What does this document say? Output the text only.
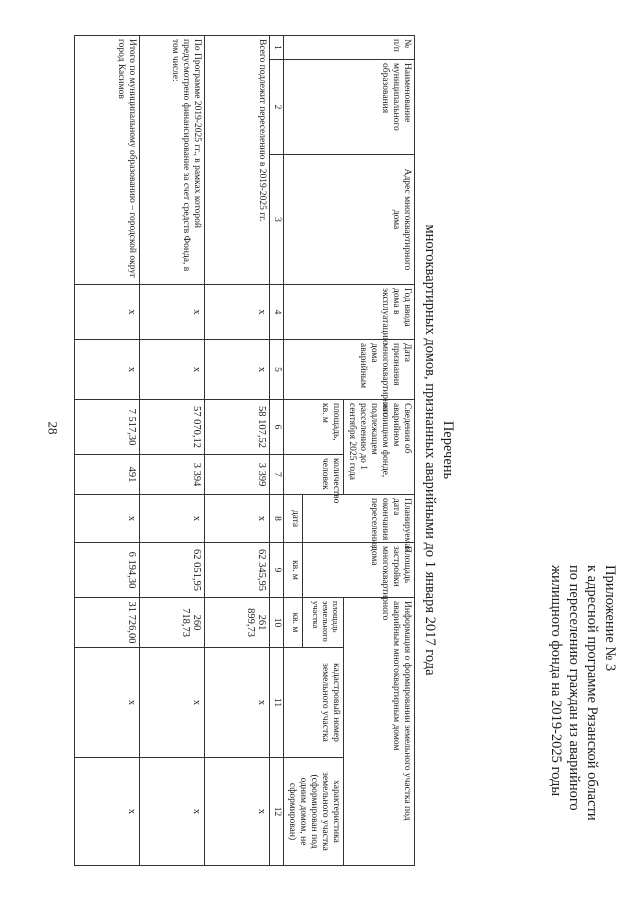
28
Приложение № 3
к адресной программе Рязанской области
по переселению граждан из аварийного
жилищного фонда на 2019-2025 годы
Перечень
многоквартирных домов, признанных аварийными до 1 января 2017 года
№ п/п	Наименование муниципального образования	Адрес многоквартирного дома	Год ввода дома в эксплуатацию	Дата признания многоквартирного дома аварийным	Сведения об аварийном жилищном фонде, подлежащем расселению до 1 сентября 2025 года		Планируемая дата окончания переселения	Площадь застройки многоквартирного дома	Информация о формировании земельного участка под аварийным многоквартирным домом		
					площадь, кв. м	количество человек			площадь земельного участка	кадастровый номер земельного участка	характеристика земельного участка (сформирован под одним домом, не сформирован)
							дата	кв. м	кв. м		
1	2	3	4	5	6	7	8	9	10	11	12
Всего подлежит переселению в 2019-2025 гг.			x	x	58 107,52	3 399	x	62 345,95	261 899,73	x	x
По Программе 2019-2025 гг., в рамках которой предусмотрено финансирование за счет средств Фонда, в том числе:			x	x	57 070,12	3 394	x	62 051,95	260 718,73	x	x
Итого по муниципальному образованию – городской округ город Касимов			x	x	7 517,30	491	x	6 194,30	31 726,00	x	x
